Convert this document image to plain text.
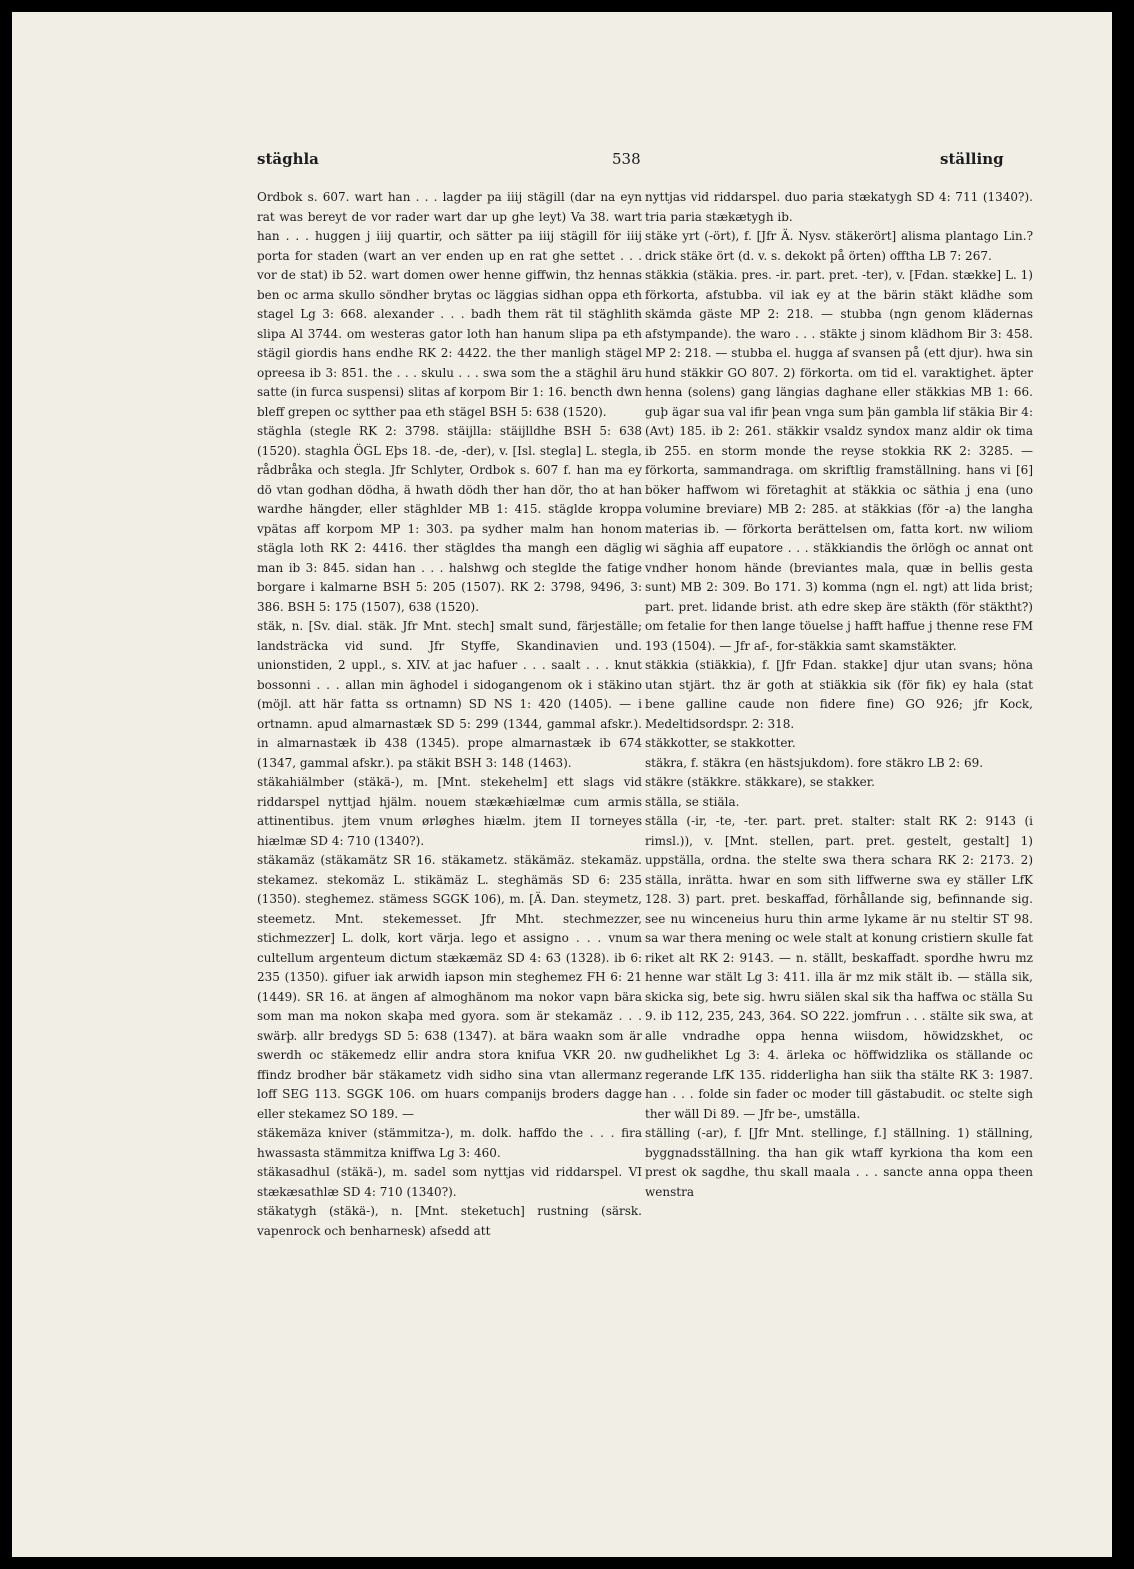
stäghla	538	ställing

Ordbok s. 607. wart han . . . lagder pa iiij stägill (dar na eyn rat was bereyt de vor rader wart dar up ghe leyt) Va 38. wart han . . . huggen j iiij quartir, och sätter pa iiij stägill för iiij porta for staden (wart an ver enden up en rat ghe settet . . . vor de stat) ib 52. wart domen ower henne giffwin, thz hennas ben oc arma skullo söndher brytas oc läggias sidhan oppa eth stagel Lg 3: 668. alexander . . . badh them rät til stäghlith slipa Al 3744. om westeras gator loth han hanum slipa pa eth stägil giordis hans endhe RK 2: 4422. the ther manligh stägel opreesa ib 3: 851. the . . . skulu . . . swa som the a stäghil äru satte (in furca suspensi) slitas af korpom Bir 1: 16. bencth dwn bleff grepen oc sytther paa eth stägel BSH 5: 638 (1520).

stäghla (stegle RK 2: 3798. stäijlla: stäijlldhe BSH 5: 638 (1520). staghla ÖGL Eþs 18. -de, -der), v. [Isl. stegla] L. stegla, rådbråka och stegla. Jfr Schlyter, Ordbok s. 607 f. han ma ey dö vtan godhan dödha, ä hwath dödh ther han dör, tho at han wardhe hängder, eller stäghlder MB 1: 415. stäglde kroppa vpätas aff korpom MP 1: 303. pa sydher malm han honom stägla loth RK 2: 4416. ther stägldes tha mangh een däglig man ib 3: 845. sidan han . . . halshwg och steglde the fatige borgare i kalmarne BSH 5: 205 (1507). RK 2: 3798, 9496, 3: 386. BSH 5: 175 (1507), 638 (1520).

stäk, n. [Sv. dial. stäk. Jfr Mnt. stech] smalt sund, färjeställe; landsträcka vid sund. Jfr Styffe, Skandinavien und. unionstiden, 2 uppl., s. XIV. at jac hafuer . . . saalt . . . knut bossonni . . . allan min äghodel i sidogangenom ok i stäkino (möjl. att här fatta ss ortnamn) SD NS 1: 420 (1405). — i ortnamn. apud almarnastæk SD 5: 299 (1344, gammal afskr.). in almarnastæk ib 438 (1345). prope almarnastæk ib 674 (1347, gammal afskr.). pa stäkit BSH 3: 148 (1463).

stäkahiälmber (stäkä-), m. [Mnt. stekehelm] ett slags vid riddarspel nyttjad hjälm. nouem stækæhiælmæ cum armis attinentibus. jtem vnum ørløghes hiælm. jtem II torneyes hiælmæ SD 4: 710 (1340?).

stäkamäz (stäkamätz SR 16. stäkametz. stäkämäz. stekamäz. stekamez. stekomäz L. stikämäz L. steghämäs SD 6: 235 (1350). steghemez. stämess SGGK 106), m. [Ä. Dan. steymetz, steemetz. Mnt. stekemesset. Jfr Mht. stechmezzer, stichmezzer] L. dolk, kort värja. lego et assigno . . . vnum cultellum argenteum dictum stækæmäz SD 4: 63 (1328). ib 6: 235 (1350). gifuer iak arwidh iapson min steghemez FH 6: 21 (1449). SR 16. at ängen af almoghänom ma nokor vapn bära som man ma nokon skaþa med gyora. som är stekamäz . . . swärþ. allr bredygs SD 5: 638 (1347). at bära waakn som är swerdh oc stäkemedz ellir andra stora knifua VKR 20. nw ffindz brodher bär stäkametz vidh sidho sina vtan allermanz loff SEG 113. SGGK 106. om huars companijs broders dagge eller stekamez SO 189. —

stäkemäza kniver (stämmitza-), m. dolk. haffdo the . . . fira hwassasta stämmitza kniffwa Lg 3: 460.

stäkasadhul (stäkä-), m. sadel som nyttjas vid riddarspel. VI stækæsathlæ SD 4: 710 (1340?).

stäkatygh (stäkä-), n. [Mnt. steketuch] rustning (särsk. vapenrock och benharnesk) afsedd att

nyttjas vid riddarspel. duo paria stækatygh SD 4: 711 (1340?). tria paria stækætygh ib.

stäke yrt (-ört), f. [Jfr Ä. Nysv. stäkerört] alisma plantago Lin.? drick stäke ört (d. v. s. dekokt på örten) offtha LB 7: 267.

stäkkia (stäkia. pres. -ir. part. pret. -ter), v. [Fdan. stække] L. 1) förkorta, afstubba. vil iak ey at the bärin stäkt klädhe som skämda gäste MP 2: 218. — stubba (ngn genom klädernas afstympande). the waro . . . stäkte j sinom klädhom Bir 3: 458. MP 2: 218. — stubba el. hugga af svansen på (ett djur). hwa sin hund stäkkir GO 807. 2) förkorta. om tid el. varaktighet. äpter henna (solens) gang längias daghane eller stäkkias MB 1: 66. guþ ägar sua val ifir þean vnga sum þän gambla lif stäkia Bir 4: (Avt) 185. ib 2: 261. stäkkir vsaldz syndox manz aldir ok tima ib 255. en storm monde the reyse stokkia RK 2: 3285. — förkorta, sammandraga. om skriftlig framställning. hans vi [6] böker haffwom wi företaghit at stäkkia oc säthia j ena (uno volumine breviare) MB 2: 285. at stäkkias (för -a) the langha materias ib. — förkorta berättelsen om, fatta kort. nw wiliom wi säghia aff eupatore . . . stäkkiandis the örlögh oc annat ont vndher honom hände (breviantes mala, quæ in bellis gesta sunt) MB 2: 309. Bo 171. 3) komma (ngn el. ngt) att lida brist; part. pret. lidande brist. ath edre skep äre stäkth (för stäktht?) om fetalie for then lange töuelse j hafft haffue j thenne rese FM 193 (1504). — Jfr af-, for-stäkkia samt skamstäkter.

stäkkia (stiäkkia), f. [Jfr Fdan. stakke] djur utan svans; höna utan stjärt. thz är goth at stiäkkia sik (för fik) ey hala (stat bene galline caude non fidere fine) GO 926; jfr Kock, Medeltidsordspr. 2: 318.

stäkkotter, se stakkotter.

stäkra, f. stäkra (en hästsjukdom). fore stäkro LB 2: 69.

stäkre (stäkkre. stäkkare), se stakker.

ställa, se stiäla.

ställa (-ir, -te, -ter. part. pret. stalter: stalt RK 2: 9143 (i rimsl.)), v. [Mnt. stellen, part. pret. gestelt, gestalt] 1) uppställa, ordna. the stelte swa thera schara RK 2: 2173. 2) ställa, inrätta. hwar en som sith liffwerne swa ey ställer LfK 128. 3) part. pret. beskaffad, förhållande sig, befinnande sig. see nu winceneius huru thin arme lykame är nu steltir ST 98. sa war thera mening oc wele stalt at konung cristiern skulle fat riket alt RK 2: 9143. — n. ställt, beskaffadt. spordhe hwru mz henne war stält Lg 3: 411. illa är mz mik stält ib. — ställa sik, skicka sig, bete sig. hwru siälen skal sik tha haffwa oc ställa Su 9. ib 112, 235, 243, 364. SO 222. jomfrun . . . stälte sik swa, at alle vndradhe oppa henna wiisdom, höwidzskhet, oc gudhelikhet Lg 3: 4. ärleka oc höffwidzlika os ställande oc regerande LfK 135. ridderligha han siik tha stälte RK 3: 1987. han . . . folde sin fader oc moder till gästabudit. oc stelte sigh ther wäll Di 89. — Jfr be-, umställa.

ställing (-ar), f. [Jfr Mnt. stellinge, f.] ställning. 1) ställning, byggnadsställning. tha han gik wtaff kyrkiona tha kom een prest ok sagdhe, thu skall maala . . . sancte anna oppa theen wenstra
